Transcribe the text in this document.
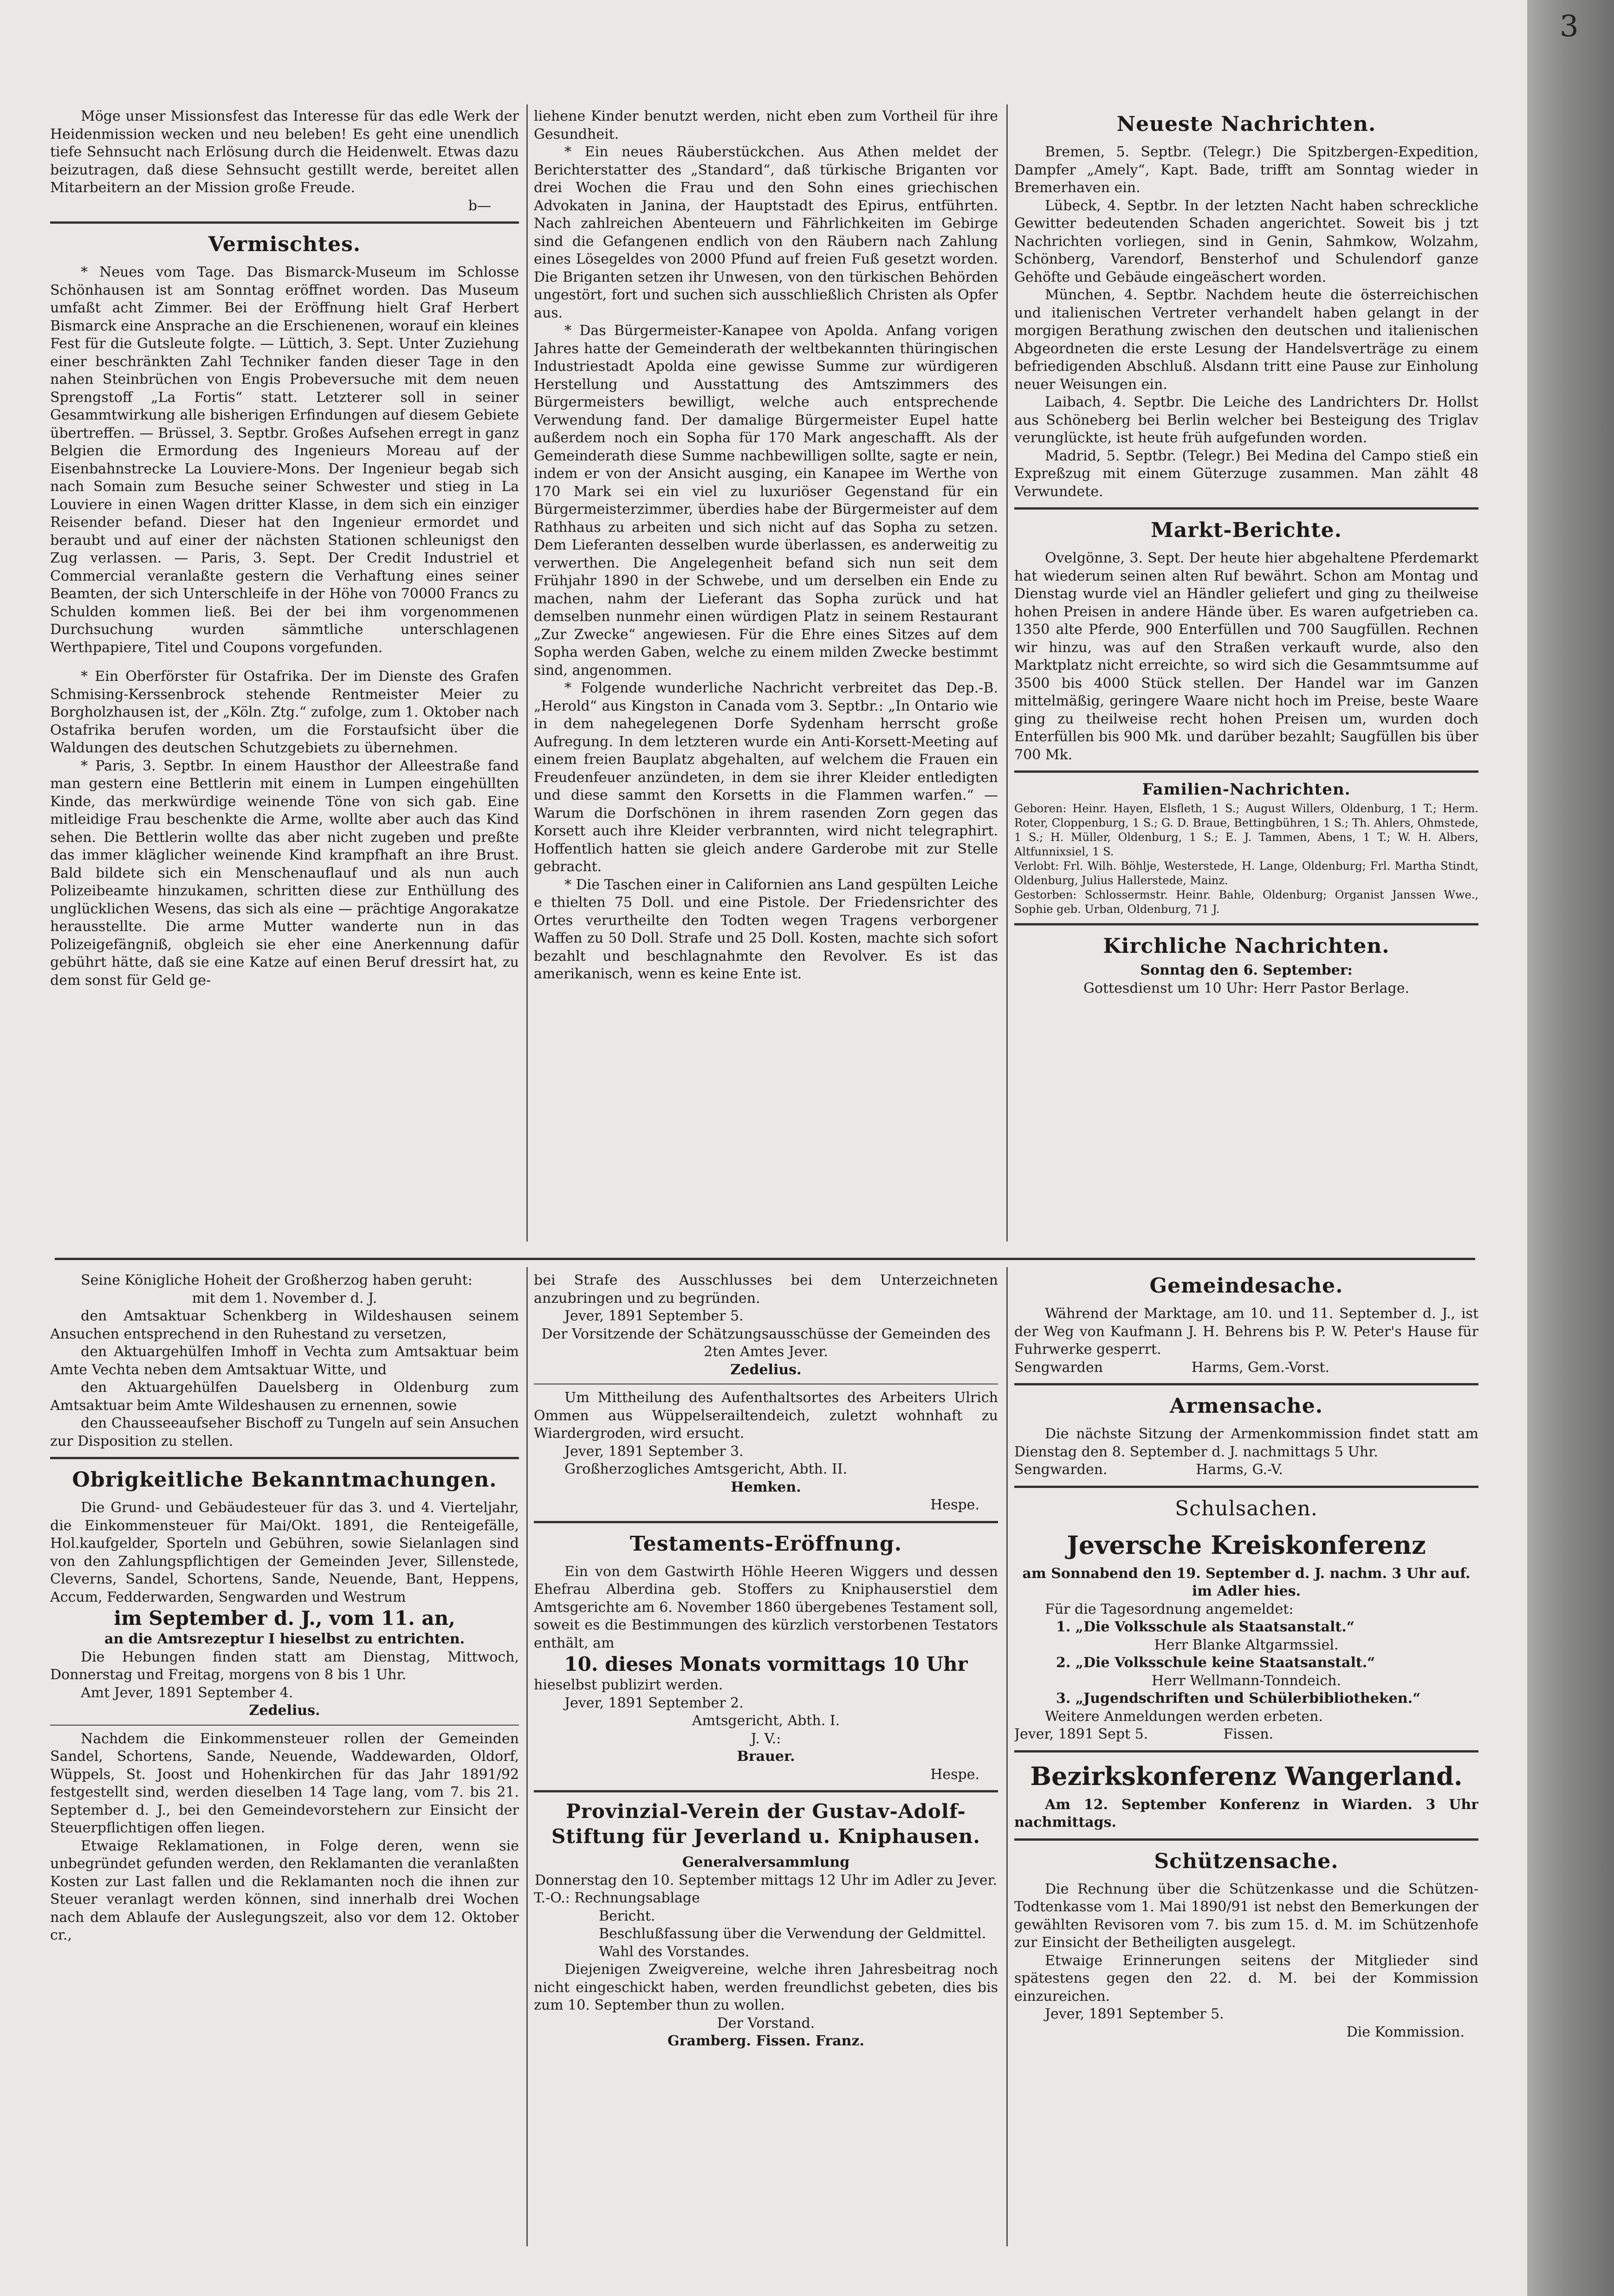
Möge unser Missionsfest das Interesse für das edle Werk der Heidenmission wecken und neu beleben! Es geht eine unendlich tiefe Sehnsucht nach Erlösung durch die Heidenwelt. Etwas dazu beizutragen, daß diese Sehnsucht gestillt werde, bereitet allen Mitarbeitern an der Mission große Freude.

b—

Vermischtes.

* Neues vom Tage. Das Bismarck-Museum im Schlosse Schönhausen ist am Sonntag eröffnet worden. Das Museum umfaßt acht Zimmer. Bei der Eröffnung hielt Graf Herbert Bismarck eine Ansprache an die Erschienenen, worauf ein kleines Fest für die Gutsleute folgte. — Lüttich, 3. Sept. Unter Zuziehung einer beschränkten Zahl Techniker fanden dieser Tage in den nahen Steinbrüchen von Engis Probeversuche mit dem neuen Sprengstoff „La Fortis“ statt. Letzterer soll in seiner Gesammtwirkung alle bisherigen Erfindungen auf diesem Gebiete übertreffen. — Brüssel, 3. Septbr. Großes Aufsehen erregt in ganz Belgien die Ermordung des Ingenieurs Moreau auf der Eisenbahnstrecke La Louviere-Mons. Der Ingenieur begab sich nach Somain zum Besuche seiner Schwester und stieg in La Louviere in einen Wagen dritter Klasse, in dem sich ein einziger Reisender befand. Dieser hat den Ingenieur ermordet und beraubt und auf einer der nächsten Stationen schleunigst den Zug verlassen. — Paris, 3. Sept. Der Credit Industriel et Commercial veranlaßte gestern die Verhaftung eines seiner Beamten, der sich Unterschleife in der Höhe von 70000 Francs zu Schulden kommen ließ. Bei der bei ihm vorgenommenen Durchsuchung wurden sämmtliche unterschlagenen Werthpapiere, Titel und Coupons vorgefunden.

* Ein Oberförster für Ostafrika. Der im Dienste des Grafen Schmising-Kerssenbrock stehende Rentmeister Meier zu Borgholzhausen ist, der „Köln. Ztg.“ zufolge, zum 1. Oktober nach Ostafrika berufen worden, um die Forstaufsicht über die Waldungen des deutschen Schutzgebiets zu übernehmen.

* Paris, 3. Septbr. In einem Hausthor der Alleestraße fand man gestern eine Bettlerin mit einem in Lumpen eingehüllten Kinde, das merkwürdige weinende Töne von sich gab. Eine mitleidige Frau beschenkte die Arme, wollte aber auch das Kind sehen. Die Bettlerin wollte das aber nicht zugeben und preßte das immer kläglicher weinende Kind krampfhaft an ihre Brust. Bald bildete sich ein Menschenauflauf und als nun auch Polizeibeamte hinzukamen, schritten diese zur Enthüllung des unglücklichen Wesens, das sich als eine — prächtige Angorakatze herausstellte. Die arme Mutter wanderte nun in das Polizeigefängniß, obgleich sie eher eine Anerkennung dafür gebührt hätte, daß sie eine Katze auf einen Beruf dressirt hat, zu dem sonst für Geld ge-

liehene Kinder benutzt werden, nicht eben zum Vortheil für ihre Gesundheit.

* Ein neues Räuberstückchen. Aus Athen meldet der Berichterstatter des „Standard“, daß türkische Briganten vor drei Wochen die Frau und den Sohn eines griechischen Advokaten in Janina, der Hauptstadt des Epirus, entführten. Nach zahlreichen Abenteuern und Fährlichkeiten im Gebirge sind die Gefangenen endlich von den Räubern nach Zahlung eines Lösegeldes von 2000 Pfund auf freien Fuß gesetzt worden. Die Briganten setzen ihr Unwesen, von den türkischen Behörden ungestört, fort und suchen sich ausschließlich Christen als Opfer aus.

* Das Bürgermeister-Kanapee von Apolda. Anfang vorigen Jahres hatte der Gemeinderath der weltbekannten thüringischen Industriestadt Apolda eine gewisse Summe zur würdigeren Herstellung und Ausstattung des Amtszimmers des Bürgermeisters bewilligt, welche auch entsprechende Verwendung fand. Der damalige Bürgermeister Eupel hatte außerdem noch ein Sopha für 170 Mark angeschafft. Als der Gemeinderath diese Summe nachbewilligen sollte, sagte er nein, indem er von der Ansicht ausging, ein Kanapee im Werthe von 170 Mark sei ein viel zu luxuriöser Gegenstand für ein Bürgermeisterzimmer, überdies habe der Bürgermeister auf dem Rathhaus zu arbeiten und sich nicht auf das Sopha zu setzen. Dem Lieferanten desselben wurde überlassen, es anderweitig zu verwerthen. Die Angelegenheit befand sich nun seit dem Frühjahr 1890 in der Schwebe, und um derselben ein Ende zu machen, nahm der Lieferant das Sopha zurück und hat demselben nunmehr einen würdigen Platz in seinem Restaurant „Zur Zwecke“ angewiesen. Für die Ehre eines Sitzes auf dem Sopha werden Gaben, welche zu einem milden Zwecke bestimmt sind, angenommen.

* Folgende wunderliche Nachricht verbreitet das Dep.-B. „Herold“ aus Kingston in Canada vom 3. Septbr.: „In Ontario wie in dem nahegelegenen Dorfe Sydenham herrscht große Aufregung. In dem letzteren wurde ein Anti-Korsett-Meeting auf einem freien Bauplatz abgehalten, auf welchem die Frauen ein Freudenfeuer anzündeten, in dem sie ihrer Kleider entledigten und diese sammt den Korsetts in die Flammen warfen.“ — Warum die Dorfschönen in ihrem rasenden Zorn gegen das Korsett auch ihre Kleider verbrannten, wird nicht telegraphirt. Hoffentlich hatten sie gleich andere Garderobe mit zur Stelle gebracht.

* Die Taschen einer in Californien ans Land gespülten Leiche e thielten 75 Doll. und eine Pistole. Der Friedensrichter des Ortes verurtheilte den Todten wegen Tragens verborgener Waffen zu 50 Doll. Strafe und 25 Doll. Kosten, machte sich sofort bezahlt und beschlagnahmte den Revolver. Es ist das amerikanisch, wenn es keine Ente ist.

Neueste Nachrichten.

Bremen, 5. Septbr. (Telegr.) Die Spitzbergen-Expedition, Dampfer „Amely“, Kapt. Bade, trifft am Sonntag wieder in Bremerhaven ein.

Lübeck, 4. Septbr. In der letzten Nacht haben schreckliche Gewitter bedeutenden Schaden angerichtet. Soweit bis j tzt Nachrichten vorliegen, sind in Genin, Sahmkow, Wolzahm, Schönberg, Varendorf, Bensterhof und Schulendorf ganze Gehöfte und Gebäude eingeäschert worden.

München, 4. Septbr. Nachdem heute die österreichischen und italienischen Vertreter verhandelt haben gelangt in der morgigen Berathung zwischen den deutschen und italienischen Abgeordneten die erste Lesung der Handelsverträge zu einem befriedigenden Abschluß. Alsdann tritt eine Pause zur Einholung neuer Weisungen ein.

Laibach, 4. Septbr. Die Leiche des Landrichters Dr. Hollst aus Schöneberg bei Berlin welcher bei Besteigung des Triglav verunglückte, ist heute früh aufgefunden worden.

Madrid, 5. Septbr. (Telegr.) Bei Medina del Campo stieß ein Expreßzug mit einem Güterzuge zusammen. Man zählt 48 Verwundete.

Markt-Berichte.

Ovelgönne, 3. Sept. Der heute hier abgehaltene Pferdemarkt hat wiederum seinen alten Ruf bewährt. Schon am Montag und Dienstag wurde viel an Händler geliefert und ging zu theilweise hohen Preisen in andere Hände über. Es waren aufgetrieben ca. 1350 alte Pferde, 900 Enterfüllen und 700 Saugfüllen. Rechnen wir hinzu, was auf den Straßen verkauft wurde, also den Marktplatz nicht erreichte, so wird sich die Gesammtsumme auf 3500 bis 4000 Stück stellen. Der Handel war im Ganzen mittelmäßig, geringere Waare nicht hoch im Preise, beste Waare ging zu theilweise recht hohen Preisen um, wurden doch Enterfüllen bis 900 Mk. und darüber bezahlt; Saugfüllen bis über 700 Mk.

Familien-Nachrichten.

Geboren: Heinr. Hayen, Elsfleth, 1 S.; August Willers, Oldenburg, 1 T.; Herm. Roter, Cloppenburg, 1 S.; G. D. Braue, Bettingbühren, 1 S.; Th. Ahlers, Ohmstede, 1 S.; H. Müller, Oldenburg, 1 S.; E. J. Tammen, Abens, 1 T.; W. H. Albers, Altfunnixsiel, 1 S.

Verlobt: Frl. Wilh. Böhlje, Westerstede, H. Lange, Oldenburg; Frl. Martha Stindt, Oldenburg, Julius Hallerstede, Mainz.

Gestorben: Schlossermstr. Heinr. Bahle, Oldenburg; Organist Janssen Wwe., Sophie geb. Urban, Oldenburg, 71 J.

Kirchliche Nachrichten.

Sonntag den 6. September:

Gottesdienst um 10 Uhr: Herr Pastor Berlage.

Seine Königliche Hoheit der Großherzog haben geruht:

mit dem 1. November d. J.

den Amtsaktuar Schenkberg in Wildeshausen seinem Ansuchen entsprechend in den Ruhestand zu versetzen,

den Aktuargehülfen Imhoff in Vechta zum Amtsaktuar beim Amte Vechta neben dem Amtsaktuar Witte, und

den Aktuargehülfen Dauelsberg in Oldenburg zum Amtsaktuar beim Amte Wildeshausen zu ernennen, sowie

den Chausseeaufseher Bischoff zu Tungeln auf sein Ansuchen zur Disposition zu stellen.

Obrigkeitliche Bekanntmachungen.

Die Grund- und Gebäudesteuer für das 3. und 4. Vierteljahr, die Einkommensteuer für Mai/Okt. 1891, die Renteigefälle, Hol.kaufgelder, Sporteln und Gebühren, sowie Sielanlagen sind von den Zahlungspflichtigen der Gemeinden Jever, Sillenstede, Cleverns, Sandel, Schortens, Sande, Neuende, Bant, Heppens, Accum, Fedderwarden, Sengwarden und Westrum

im September d. J., vom 11. an,

an die Amtsrezeptur I hieselbst zu entrichten.

Die Hebungen finden statt am Dienstag, Mittwoch, Donnerstag und Freitag, morgens von 8 bis 1 Uhr.

Amt Jever, 1891 September 4.

Zedelius.

Nachdem die Einkommensteuer rollen der Gemeinden Sandel, Schortens, Sande, Neuende, Waddewarden, Oldorf, Wüppels, St. Joost und Hohenkirchen für das Jahr 1891/92 festgestellt sind, werden dieselben 14 Tage lang, vom 7. bis 21. September d. J., bei den Gemeindevorstehern zur Einsicht der Steuerpflichtigen offen liegen.

Etwaige Reklamationen, in Folge deren, wenn sie unbegründet gefunden werden, den Reklamanten die veranlaßten Kosten zur Last fallen und die Reklamanten noch die ihnen zur Steuer veranlagt werden können, sind innerhalb drei Wochen nach dem Ablaufe der Auslegungszeit, also vor dem 12. Oktober cr.,

bei Strafe des Ausschlusses bei dem Unterzeichneten anzubringen und zu begründen.

Jever, 1891 September 5.

Der Vorsitzende der Schätzungsausschüsse der Gemeinden des 2ten Amtes Jever.

Zedelius.

Um Mittheilung des Aufenthaltsortes des Arbeiters Ulrich Ommen aus Wüppelserailtendeich, zuletzt wohnhaft zu Wiardergroden, wird ersucht.

Jever, 1891 September 3.

Großherzogliches Amtsgericht, Abth. II.

Hemken.

Hespe.

Testaments-Eröffnung.

Ein von dem Gastwirth Höhle Heeren Wiggers und dessen Ehefrau Alberdina geb. Stoffers zu Kniphauserstiel dem Amtsgerichte am 6. November 1860 übergebenes Testament soll, soweit es die Bestimmungen des kürzlich verstorbenen Testators enthält, am

10. dieses Monats vormittags 10 Uhr

hieselbst publizirt werden.

Jever, 1891 September 2.

Amtsgericht, Abth. I.

J. V.:

Brauer.

Hespe.

Provinzial-Verein der Gustav-Adolf-Stiftung für Jeverland u. Kniphausen.

Generalversammlung

Donnerstag den 10. September mittags 12 Uhr im Adler zu Jever.

T.-O.: Rechnungsablage

Bericht.

Beschlußfassung über die Verwendung der Geldmittel.

Wahl des Vorstandes.

Diejenigen Zweigvereine, welche ihren Jahresbeitrag noch nicht eingeschickt haben, werden freundlichst gebeten, dies bis zum 10. September thun zu wollen.

Der Vorstand.

Gramberg. Fissen. Franz.

Gemeindesache.

Während der Marktage, am 10. und 11. September d. J., ist der Weg von Kaufmann J. H. Behrens bis P. W. Peter's Hause für Fuhrwerke gesperrt.

Sengwarden                    Harms, Gem.-Vorst.

Armensache.

Die nächste Sitzung der Armenkommission findet statt am Dienstag den 8. September d. J. nachmittags 5 Uhr.

Sengwarden.                    Harms, G.-V.

Schulsachen.

Jeversche Kreiskonferenz

am Sonnabend den 19. September d. J. nachm. 3 Uhr auf. im Adler hies.

Für die Tagesordnung angemeldet:

1. „Die Volksschule als Staatsanstalt.“

Herr Blanke Altgarmssiel.

2. „Die Volksschule keine Staatsanstalt.“

Herr Wellmann-Tonndeich.

3. „Jugendschriften und Schülerbibliotheken.“

Weitere Anmeldungen werden erbeten.

Jever, 1891 Sept 5.                 Fissen.

Bezirkskonferenz Wangerland.

Am 12. September Konferenz in Wiarden. 3 Uhr nachmittags.

Schützensache.

Die Rechnung über die Schützenkasse und die Schützen-Todtenkasse vom 1. Mai 1890/91 ist nebst den Bemerkungen der gewählten Revisoren vom 7. bis zum 15. d. M. im Schützenhofe zur Einsicht der Betheiligten ausgelegt.

Etwaige Erinnerungen seitens der Mitglieder sind spätestens gegen den 22. d. M. bei der Kommission einzureichen.

Jever, 1891 September 5.

Die Kommission.

3
